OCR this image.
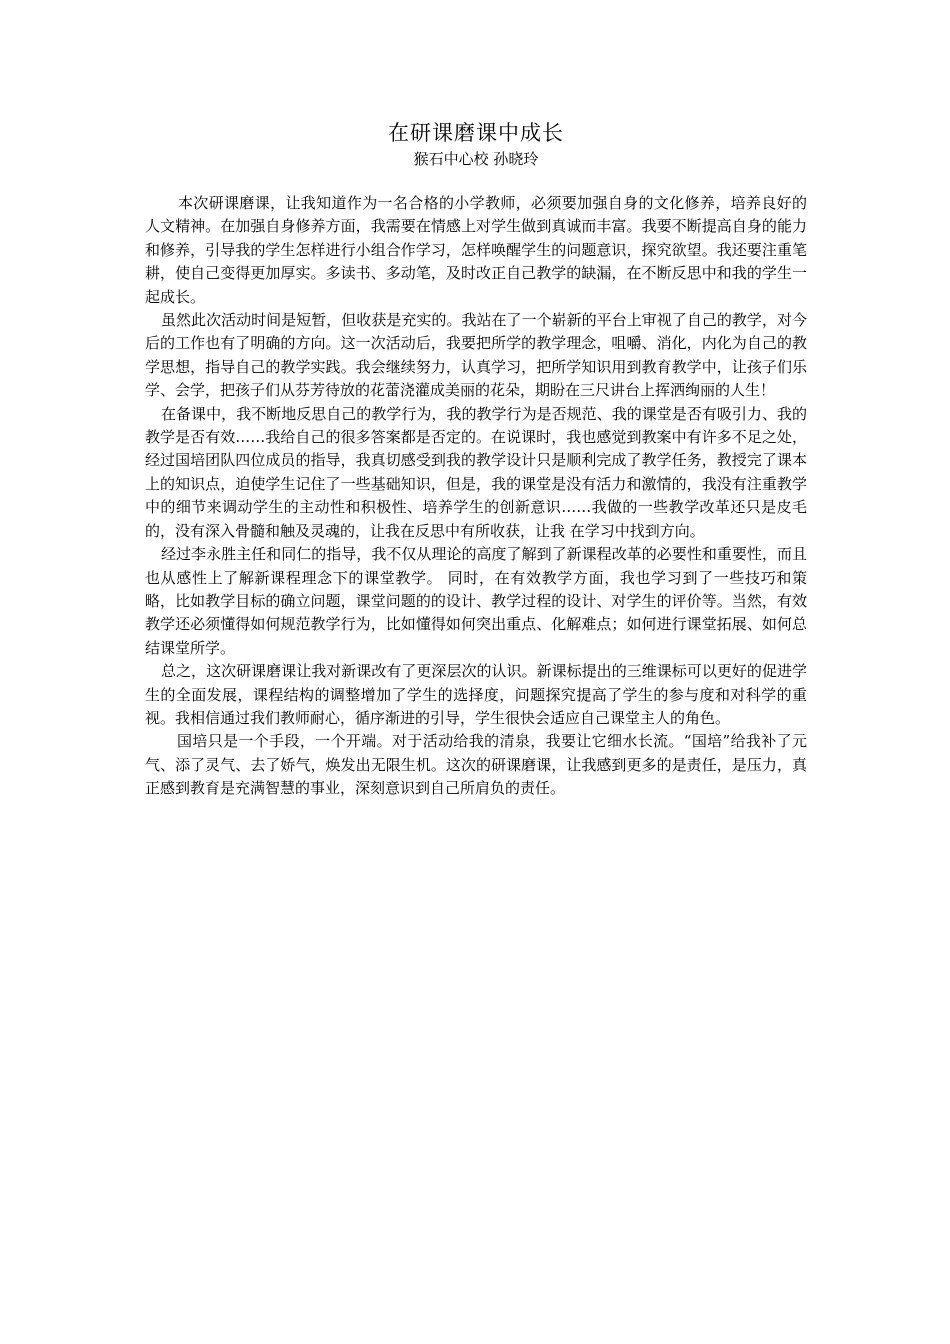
在研课磨课中成长
猴石中心校 孙晓玲

本次研课磨课，让我知道作为一名合格的小学教师，必须要加强自身的文化修养，培养良好的人文精神。在加强自身修养方面，我需要在情感上对学生做到真诚而丰富。我要不断提高自身的能力和修养，引导我的学生怎样进行小组合作学习，怎样唤醒学生的问题意识，探究欲望。我还要注重笔耕，使自己变得更加厚实。多读书、多动笔，及时改正自己教学的缺漏，在不断反思中和我的学生一起成长。

虽然此次活动时间是短暂，但收获是充实的。我站在了一个崭新的平台上审视了自己的教学，对今后的工作也有了明确的方向。这一次活动后，我要把所学的教学理念，咀嚼、消化，内化为自己的教学思想，指导自己的教学实践。我会继续努力，认真学习，把所学知识用到教育教学中，让孩子们乐学、会学，把孩子们从芬芳待放的花蕾浇灌成美丽的花朵，期盼在三尺讲台上挥洒绚丽的人生！

在备课中，我不断地反思自己的教学行为，我的教学行为是否规范、我的课堂是否有吸引力、我的教学是否有效……我给自己的很多答案都是否定的。在说课时，我也感觉到教案中有许多不足之处，经过国培团队四位成员的指导，我真切感受到我的教学设计只是顺利完成了教学任务，教授完了课本上的知识点，迫使学生记住了一些基础知识，但是，我的课堂是没有活力和激情的，我没有注重教学中的细节来调动学生的主动性和积极性、培养学生的创新意识……我做的一些教学改革还只是皮毛的，没有深入骨髓和触及灵魂的，让我在反思中有所收获，让我 在学习中找到方向。

经过李永胜主任和同仁的指导，我不仅从理论的高度了解到了新课程改革的必要性和重要性，而且也从感性上了解新课程理念下的课堂教学。 同时，在有效教学方面，我也学习到了一些技巧和策略，比如教学目标的确立问题，课堂问题的的设计、教学过程的设计、对学生的评价等。当然，有效教学还必须懂得如何规范教学行为，比如懂得如何突出重点、化解难点；如何进行课堂拓展、如何总结课堂所学。

总之，这次研课磨课让我对新课改有了更深层次的认识。新课标提出的三维课标可以更好的促进学生的全面发展，课程结构的调整增加了学生的选择度，问题探究提高了学生的参与度和对科学的重视。我相信通过我们教师耐心，循序渐进的引导，学生很快会适应自己课堂主人的角色。

国培只是一个手段，一个开端。对于活动给我的清泉，我要让它细水长流。“国培”给我补了元气、添了灵气、去了娇气，焕发出无限生机。这次的研课磨课，让我感到更多的是责任，是压力，真正感到教育是充满智慧的事业，深刻意识到自己所肩负的责任。
